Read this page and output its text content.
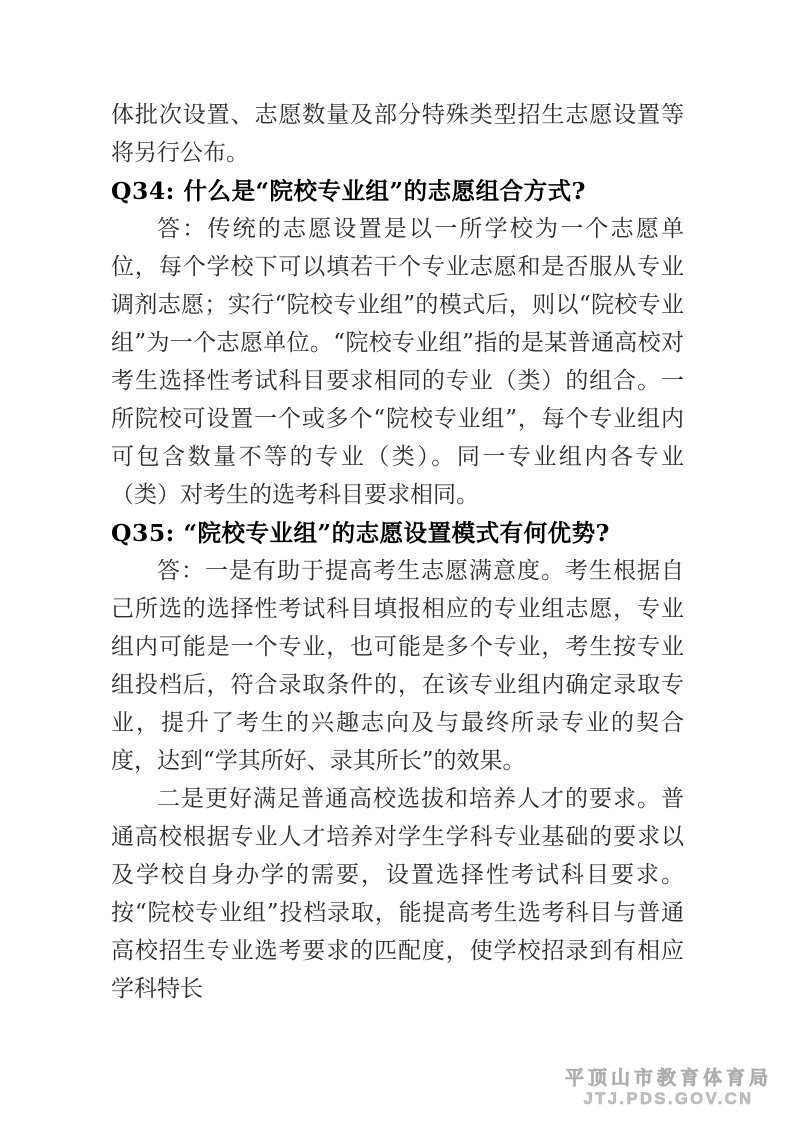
体批次设置、志愿数量及部分特殊类型招生志愿设置等将另行公布。

Q34: 什么是“院校专业组”的志愿组合方式?

答：传统的志愿设置是以一所学校为一个志愿单位，每个学校下可以填若干个专业志愿和是否服从专业调剂志愿；实行“院校专业组”的模式后，则以“院校专业组”为一个志愿单位。“院校专业组”指的是某普通高校对考生选择性考试科目要求相同的专业（类）的组合。一所院校可设置一个或多个“院校专业组”，每个专业组内可包含数量不等的专业（类）。同一专业组内各专业（类）对考生的选考科目要求相同。

Q35: “院校专业组”的志愿设置模式有何优势?

答：一是有助于提高考生志愿满意度。考生根据自己所选的选择性考试科目填报相应的专业组志愿，专业组内可能是一个专业，也可能是多个专业，考生按专业组投档后，符合录取条件的，在该专业组内确定录取专业，提升了考生的兴趣志向及与最终所录专业的契合度，达到“学其所好、录其所长”的效果。

二是更好满足普通高校选拔和培养人才的要求。普通高校根据专业人才培养对学生学科专业基础的要求以及学校自身办学的需要，设置选择性考试科目要求。按“院校专业组”投档录取，能提高考生选考科目与普通高校招生专业选考要求的匹配度，使学校招录到有相应学科特长

平顶山市教育体育局
JTJ.PDS.GOV.CN
